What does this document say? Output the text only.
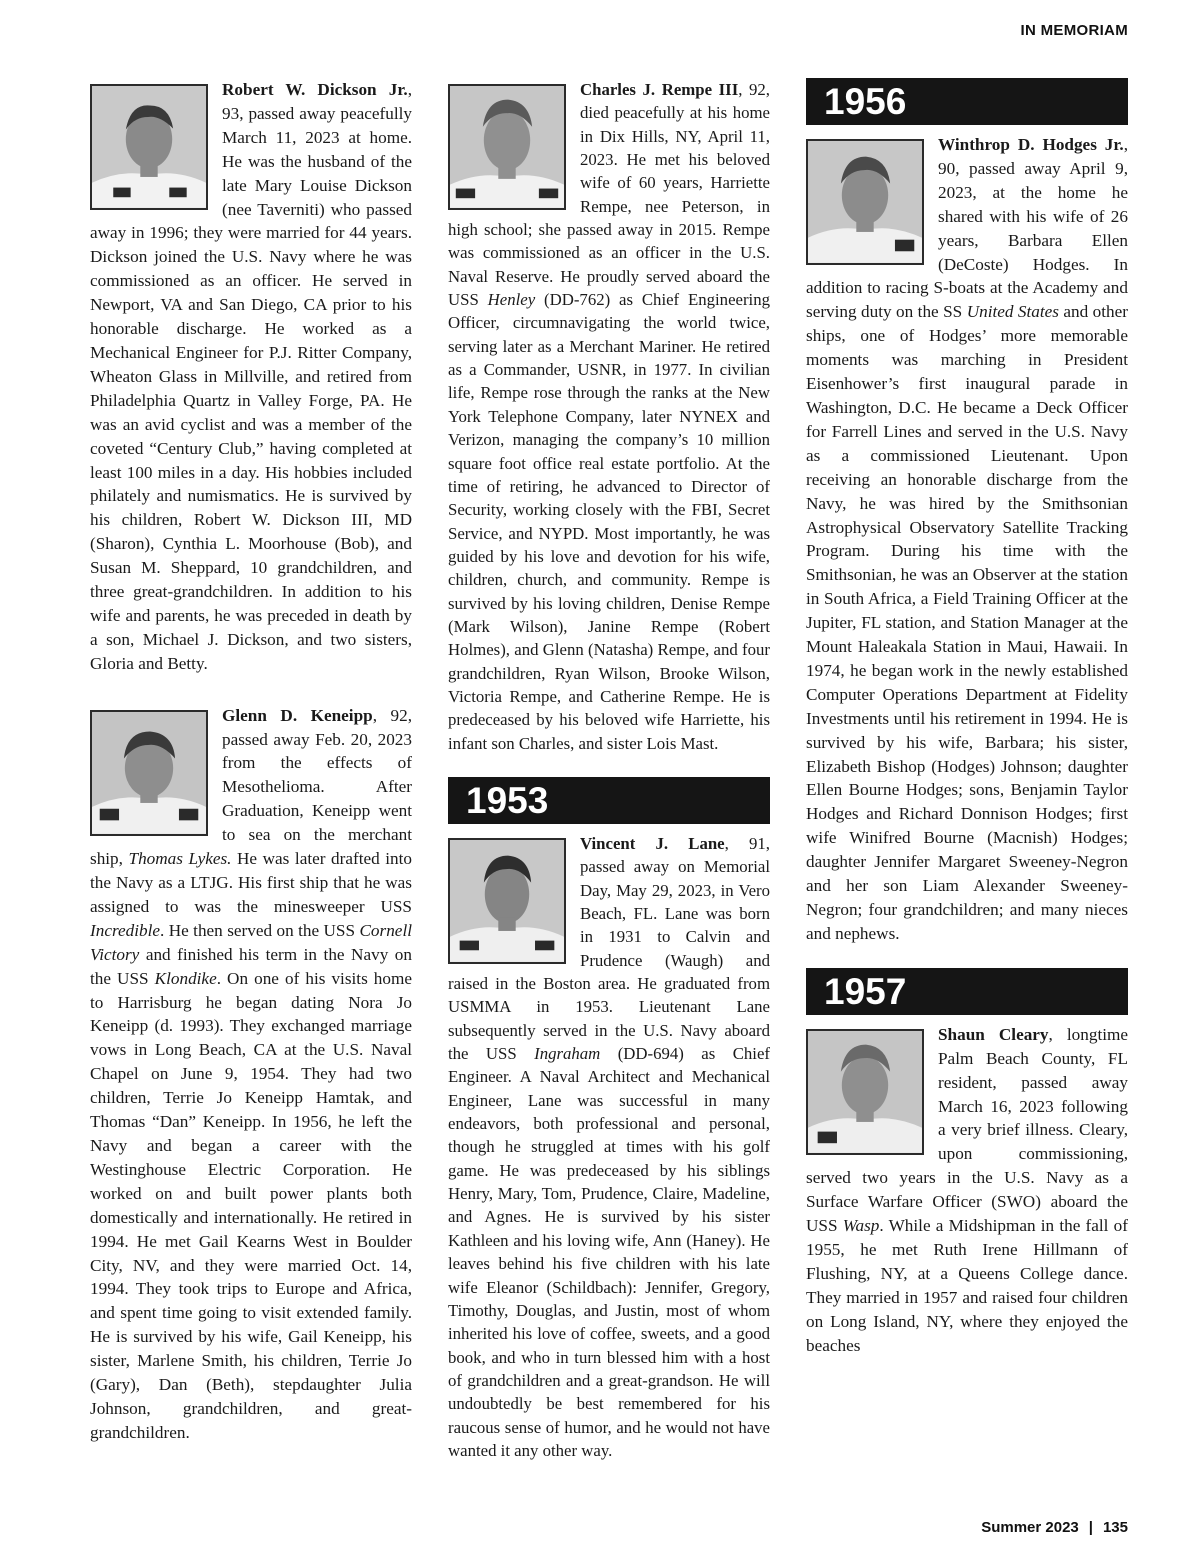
IN MEMORIAM

Robert W. Dickson Jr., 93, passed away peacefully March 11, 2023 at home. He was the husband of the late Mary Louise Dickson (nee Taverniti) who passed away in 1996; they were married for 44 years. Dickson joined the U.S. Navy where he was commissioned as an officer. He served in Newport, VA and San Diego, CA prior to his honorable discharge. He worked as a Mechanical Engineer for P.J. Ritter Company, Wheaton Glass in Millville, and retired from Philadelphia Quartz in Valley Forge, PA. He was an avid cyclist and was a member of the coveted “Century Club,” having completed at least 100 miles in a day. His hobbies included philately and numismatics. He is survived by his children, Robert W. Dickson III, MD (Sharon), Cynthia L. Moorhouse (Bob), and Susan M. Sheppard, 10 grandchildren, and three great-grandchildren. In addition to his wife and parents, he was preceded in death by a son, Michael J. Dickson, and two sisters, Gloria and Betty.

Glenn D. Keneipp, 92, passed away Feb. 20, 2023 from the effects of Mesothelioma. After Graduation, Keneipp went to sea on the merchant ship, Thomas Lykes. He was later drafted into the Navy as a LTJG. His first ship that he was assigned to was the minesweeper USS Incredible. He then served on the USS Cornell Victory and finished his term in the Navy on the USS Klondike. On one of his visits home to Harrisburg he began dating Nora Jo Keneipp (d. 1993). They exchanged marriage vows in Long Beach, CA at the U.S. Naval Chapel on June 9, 1954. They had two children, Terrie Jo Keneipp Hamtak, and Thomas “Dan” Keneipp. In 1956, he left the Navy and began a career with the Westinghouse Electric Corporation. He worked on and built power plants both domestically and internationally. He retired in 1994. He met Gail Kearns West in Boulder City, NV, and they were married Oct. 14, 1994. They took trips to Europe and Africa, and spent time going to visit extended family. He is survived by his wife, Gail Keneipp, his sister, Marlene Smith, his children, Terrie Jo (Gary), Dan (Beth), stepdaughter Julia Johnson, grandchildren, and great-grandchildren.

Charles J. Rempe III, 92, died peacefully at his home in Dix Hills, NY, April 11, 2023. He met his beloved wife of 60 years, Harriette Rempe, nee Peterson, in high school; she passed away in 2015. Rempe was commissioned as an officer in the U.S. Naval Reserve. He proudly served aboard the USS Henley (DD-762) as Chief Engineering Officer, circumnavigating the world twice, serving later as a Merchant Mariner. He retired as a Commander, USNR, in 1977. In civilian life, Rempe rose through the ranks at the New York Telephone Company, later NYNEX and Verizon, managing the company’s 10 million square foot office real estate portfolio. At the time of retiring, he advanced to Director of Security, working closely with the FBI, Secret Service, and NYPD. Most importantly, he was guided by his love and devotion for his wife, children, church, and community. Rempe is survived by his loving children, Denise Rempe (Mark Wilson), Janine Rempe (Robert Holmes), and Glenn (Natasha) Rempe, and four grandchildren, Ryan Wilson, Brooke Wilson, Victoria Rempe, and Catherine Rempe. He is predeceased by his beloved wife Harriette, his infant son Charles, and sister Lois Mast.

1953

Vincent J. Lane, 91, passed away on Memorial Day, May 29, 2023, in Vero Beach, FL. Lane was born in 1931 to Calvin and Prudence (Waugh) and raised in the Boston area. He graduated from USMMA in 1953. Lieutenant Lane subsequently served in the U.S. Navy aboard the USS Ingraham (DD-694) as Chief Engineer. A Naval Architect and Mechanical Engineer, Lane was successful in many endeavors, both professional and personal, though he struggled at times with his golf game. He was predeceased by his siblings Henry, Mary, Tom, Prudence, Claire, Madeline, and Agnes. He is survived by his sister Kathleen and his loving wife, Ann (Haney). He leaves behind his five children with his late wife Eleanor (Schildbach): Jennifer, Gregory, Timothy, Douglas, and Justin, most of whom inherited his love of coffee, sweets, and a good book, and who in turn blessed him with a host of grandchildren and a great-grandson. He will undoubtedly be best remembered for his raucous sense of humor, and he would not have wanted it any other way.

1956

Winthrop D. Hodges Jr., 90, passed away April 9, 2023, at the home he shared with his wife of 26 years, Barbara Ellen (DeCoste) Hodges. In addition to racing S-boats at the Academy and serving duty on the SS United States and other ships, one of Hodges’ more memorable moments was marching in President Eisenhower’s first inaugural parade in Washington, D.C. He became a Deck Officer for Farrell Lines and served in the U.S. Navy as a commissioned Lieutenant. Upon receiving an honorable discharge from the Navy, he was hired by the Smithsonian Astrophysical Observatory Satellite Tracking Program. During his time with the Smithsonian, he was an Observer at the station in South Africa, a Field Training Officer at the Jupiter, FL station, and Station Manager at the Mount Haleakala Station in Maui, Hawaii. In 1974, he began work in the newly established Computer Operations Department at Fidelity Investments until his retirement in 1994. He is survived by his wife, Barbara; his sister, Elizabeth Bishop (Hodges) Johnson; daughter Ellen Bourne Hodges; sons, Benjamin Taylor Hodges and Richard Donnison Hodges; first wife Winifred Bourne (Macnish) Hodges; daughter Jennifer Margaret Sweeney-Negron and her son Liam Alexander Sweeney-Negron; four grandchildren; and many nieces and nephews.

1957

Shaun Cleary, longtime Palm Beach County, FL resident, passed away March 16, 2023 following a very brief illness. Cleary, upon commissioning, served two years in the U.S. Navy as a Surface Warfare Officer (SWO) aboard the USS Wasp. While a Midshipman in the fall of 1955, he met Ruth Irene Hillmann of Flushing, NY, at a Queens College dance. They married in 1957 and raised four children on Long Island, NY, where they enjoyed the beaches

Summer 2023 | 135
